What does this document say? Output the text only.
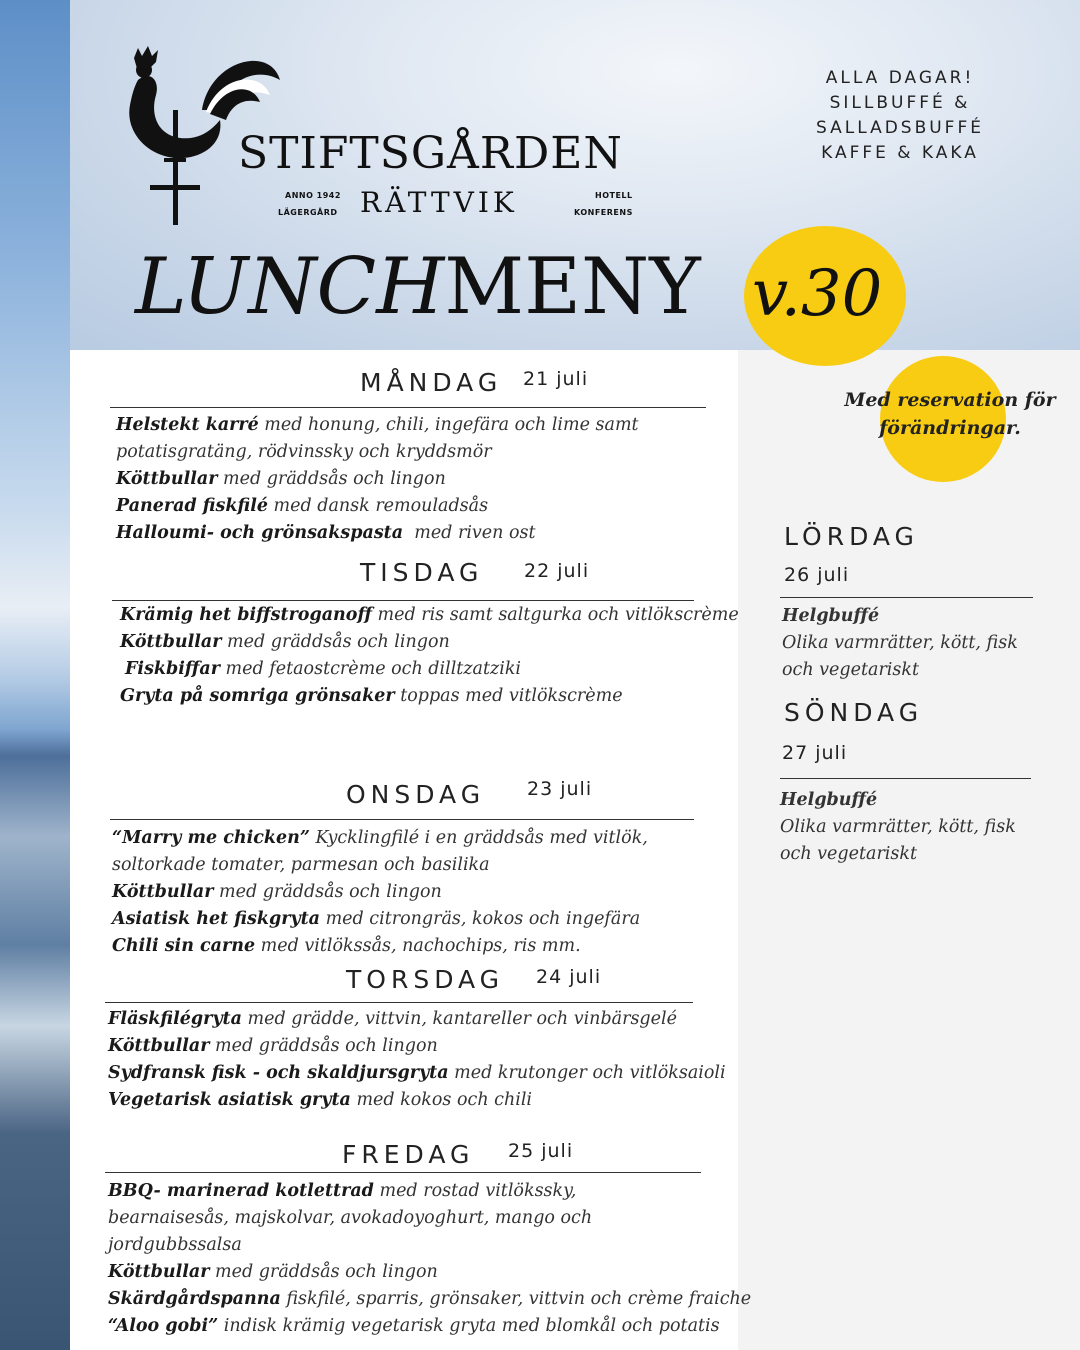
STIFTSGÅRDEN
RÄTTVIK
ANNO 1942
LÄGERGÅRD
HOTELL
KONFERENS
LUNCHMENY v.30
ALLA DAGAR!
SILLBUFFÉ &
SALLADSBUFFÉ
KAFFE & KAKA
Med reservation för
förändringar.
MÅNDAG 21 juli
Helstekt karré med honung, chili, ingefära och lime samt potatisgratäng, rödvinssky och kryddsmör
Köttbullar med gräddsås och lingon
Panerad fiskfilé med dansk remouladsås
Halloumi- och grönsakspasta  med riven ost
TISDAG 22 juli
Krämig het biffstroganoff med ris samt saltgurka och vitlökscrème
Köttbullar med gräddsås och lingon
Fiskbiffar med fetaostcrème och dilltzatziki
Gryta på somriga grönsaker toppas med vitlökscrème
ONSDAG 23 juli
“Marry me chicken” Kycklingfilé i en gräddsås med vitlök, soltorkade tomater, parmesan och basilika
Köttbullar med gräddsås och lingon
Asiatisk het fiskgryta med citrongräs, kokos och ingefära
Chili sin carne med vitlökssås, nachochips, ris mm.
TORSDAG 24 juli
Fläskfilégryta med grädde, vittvin, kantareller och vinbärsgelé
Köttbullar med gräddsås och lingon
Sydfransk fisk - och skaldjursgryta med krutonger och vitlöksaioli
Vegetarisk asiatisk gryta med kokos och chili
FREDAG 25 juli
BBQ- marinerad kotlettrad med rostad vitlökssky, bearnaisesås, majskolvar, avokadoyoghurt, mango och jordgubbssalsa
Köttbullar med gräddsås och lingon
Skärdgårdspanna fiskfilé, sparris, grönsaker, vittvin och crème fraiche
“Aloo gobi” indisk krämig vegetarisk gryta med blomkål och potatis
LÖRDAG
26 juli
Helgbuffé
Olika varmrätter, kött, fisk och vegetariskt
SÖNDAG
27 juli
Helgbuffé
Olika varmrätter, kött, fisk och vegetariskt
